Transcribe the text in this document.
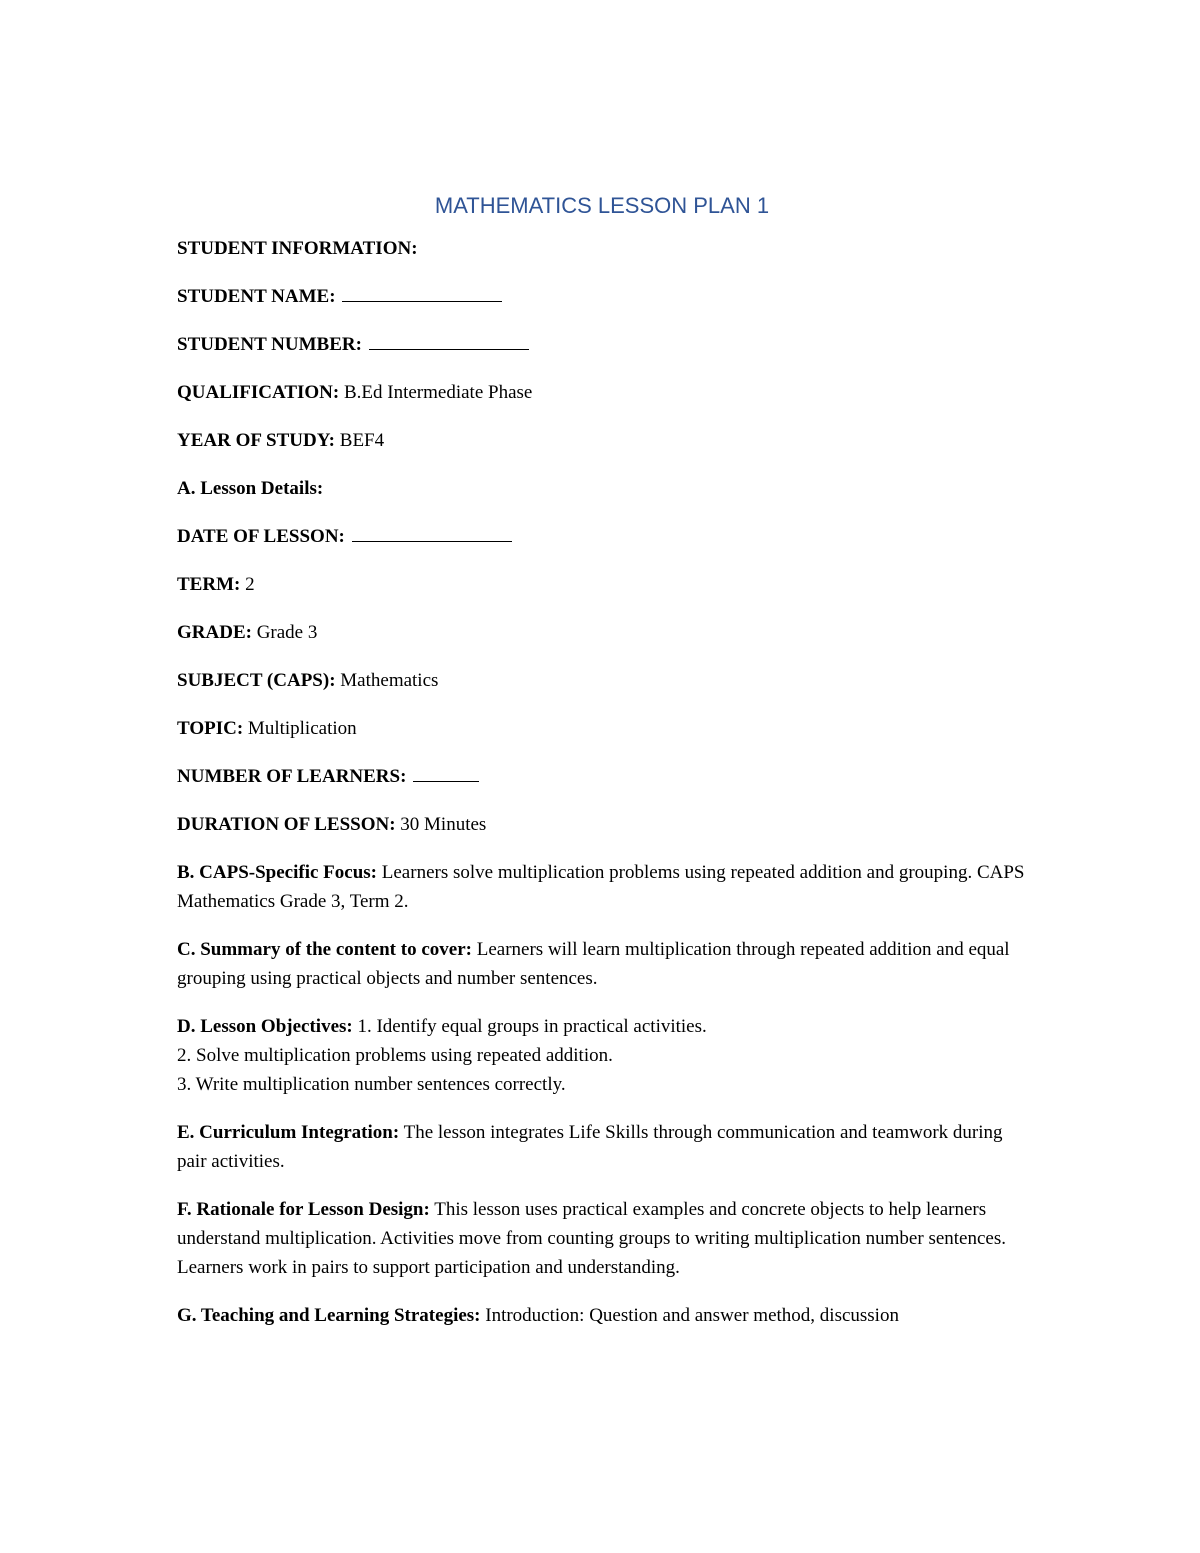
MATHEMATICS LESSON PLAN 1
STUDENT INFORMATION:
STUDENT NAME:
STUDENT NUMBER:
QUALIFICATION: B.Ed Intermediate Phase
YEAR OF STUDY: BEF4
A. Lesson Details:
DATE OF LESSON:
TERM: 2
GRADE: Grade 3
SUBJECT (CAPS): Mathematics
TOPIC: Multiplication
NUMBER OF LEARNERS:
DURATION OF LESSON: 30 Minutes

B. CAPS-Specific Focus: Learners solve multiplication problems using repeated addition and grouping. CAPS Mathematics Grade 3, Term 2.

C. Summary of the content to cover: Learners will learn multiplication through repeated addition and equal grouping using practical objects and number sentences.

D. Lesson Objectives: 1. Identify equal groups in practical activities.

2. Solve multiplication problems using repeated addition.

3. Write multiplication number sentences correctly.

E. Curriculum Integration: The lesson integrates Life Skills through communication and teamwork during pair activities.

F. Rationale for Lesson Design: This lesson uses practical examples and concrete objects to help learners understand multiplication. Activities move from counting groups to writing multiplication number sentences. Learners work in pairs to support participation and understanding.

G. Teaching and Learning Strategies: Introduction: Question and answer method, discussion
